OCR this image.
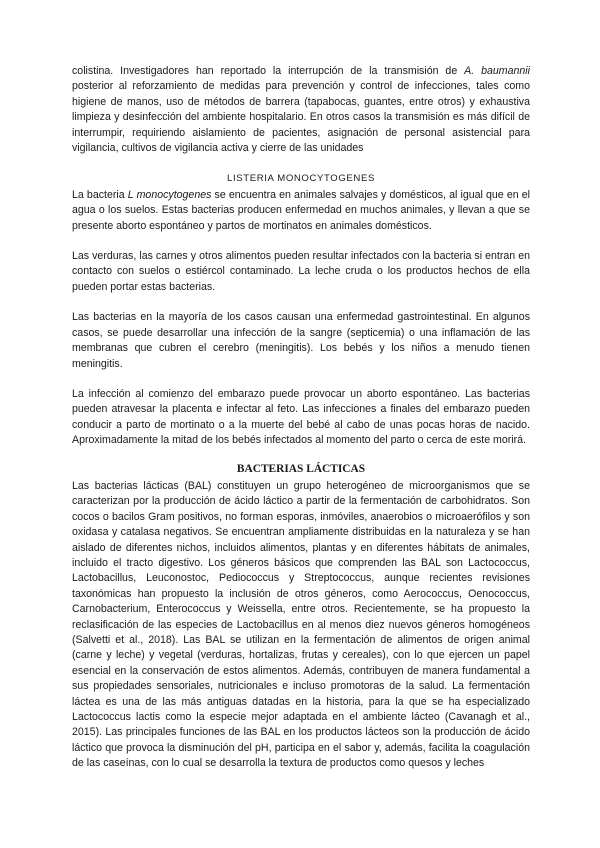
colistina. Investigadores han reportado la interrupción de la transmisión de A. baumannii posterior al reforzamiento de medidas para prevención y control de infecciones, tales como higiene de manos, uso de métodos de barrera (tapabocas, guantes, entre otros) y exhaustiva limpieza y desinfección del ambiente hospitalario. En otros casos la transmisión es más difícil de interrumpir, requiriendo aislamiento de pacientes, asignación de personal asistencial para vigilancia, cultivos de vigilancia activa y cierre de las unidades

LISTERIA MONOCYTOGENES

La bacteria L monocytogenes se encuentra en animales salvajes y domésticos, al igual que en el agua o los suelos. Estas bacterias producen enfermedad en muchos animales, y llevan a que se presente aborto espontáneo y partos de mortinatos en animales domésticos.

Las verduras, las carnes y otros alimentos pueden resultar infectados con la bacteria si entran en contacto con suelos o estiércol contaminado. La leche cruda o los productos hechos de ella pueden portar estas bacterias.

Las bacterias en la mayoría de los casos causan una enfermedad gastrointestinal. En algunos casos, se puede desarrollar una infección de la sangre (septicemia) o una inflamación de las membranas que cubren el cerebro (meningitis). Los bebés y los niños a menudo tienen meningitis.

La infección al comienzo del embarazo puede provocar un aborto espontáneo. Las bacterias pueden atravesar la placenta e infectar al feto. Las infecciones a finales del embarazo pueden conducir a parto de mortinato o a la muerte del bebé al cabo de unas pocas horas de nacido. Aproximadamente la mitad de los bebés infectados al momento del parto o cerca de este morirá.

BACTERIAS LÁCTICAS

Las bacterias lácticas (BAL) constituyen un grupo heterogéneo de microorganismos que se caracterizan por la producción de ácido láctico a partir de la fermentación de carbohidratos. Son cocos o bacilos Gram positivos, no forman esporas, inmóviles, anaerobios o microaerófilos y son oxidasa y catalasa negativos. Se encuentran ampliamente distribuidas en la naturaleza y se han aislado de diferentes nichos, incluidos alimentos, plantas y en diferentes hábitats de animales, incluido el tracto digestivo. Los géneros básicos que comprenden las BAL son Lactococcus, Lactobacillus, Leuconostoc, Pediococcus y Streptococcus, aunque recientes revisiones taxonómicas han propuesto la inclusión de otros géneros, como Aerococcus, Oenococcus, Carnobacterium, Enterococcus y Weissella, entre otros. Recientemente, se ha propuesto la reclasificación de las especies de Lactobacillus en al menos diez nuevos géneros homogéneos (Salvetti et al., 2018). Las BAL se utilizan en la fermentación de alimentos de origen animal (carne y leche) y vegetal (verduras, hortalizas, frutas y cereales), con lo que ejercen un papel esencial en la conservación de estos alimentos. Además, contribuyen de manera fundamental a sus propiedades sensoriales, nutricionales e incluso promotoras de la salud. La fermentación láctea es una de las más antiguas datadas en la historia, para la que se ha especializado Lactococcus lactis como la especie mejor adaptada en el ambiente lácteo (Cavanagh et al., 2015). Las principales funciones de las BAL en los productos lácteos son la producción de ácido láctico que provoca la disminución del pH, participa en el sabor y, además, facilita la coagulación de las caseínas, con lo cual se desarrolla la textura de productos como quesos y leches
